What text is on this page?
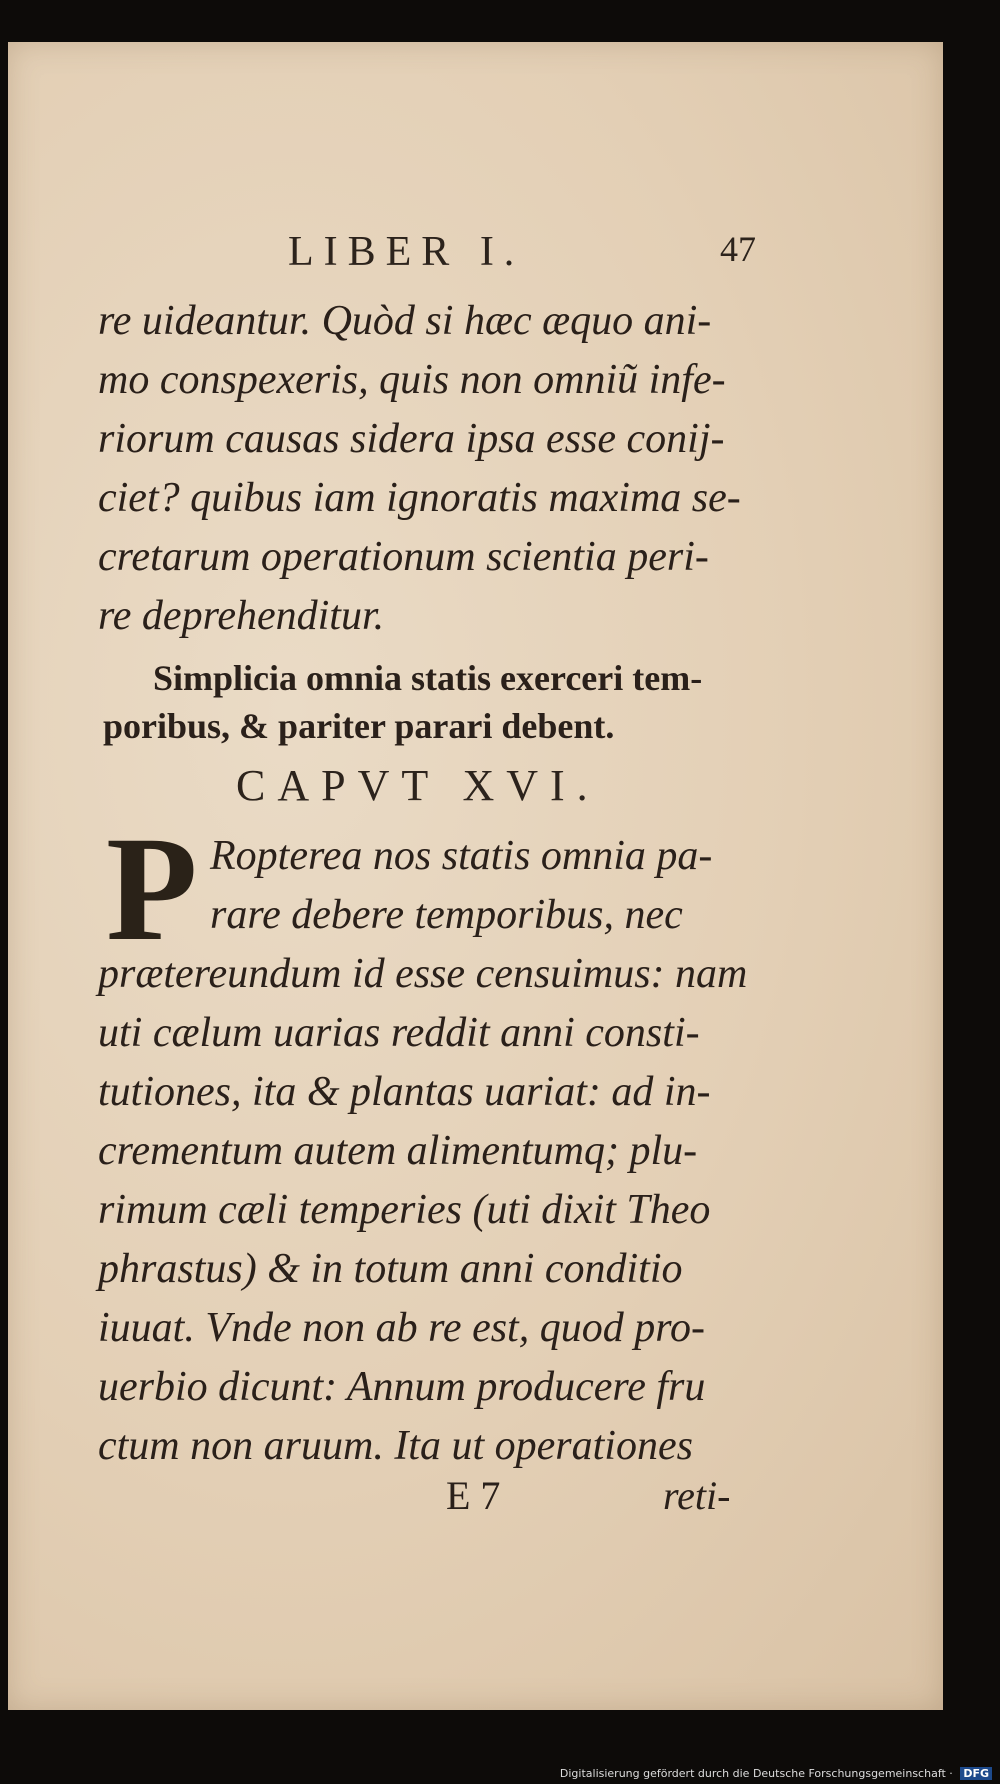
LIBER I.	47
re uideantur. Quòd si hæc æquo ani-
mo conspexeris, quis non omniũ infe-
riorum causas sidera ipsa esse conij-
ciet? quibus iam ignoratis maxima se-
cretarum operationum scientia peri-
re deprehenditur.
Simplicia omnia statis exerceri tem-
poribus, & pariter parari debent.
CAPVT XVI.
P Ropterea nos statis omnia pa-
rare debere temporibus, nec
prætereundum id esse censuimus: nam
uti cælum uarias reddit anni consti-
tutiones, ita & plantas uariat: ad in-
crementum autem alimentumq; plu-
rimum cæli temperies (uti dixit Theo
phrastus) & in totum anni conditio
iuuat. Vnde non ab re est, quod pro-
uerbio dicunt: Annum producere fru
ctum non aruum. Ita ut operationes
E 7	reti-
Digitalisierung gefördert durch die Deutsche Forschungsgemeinschaft · DFG
